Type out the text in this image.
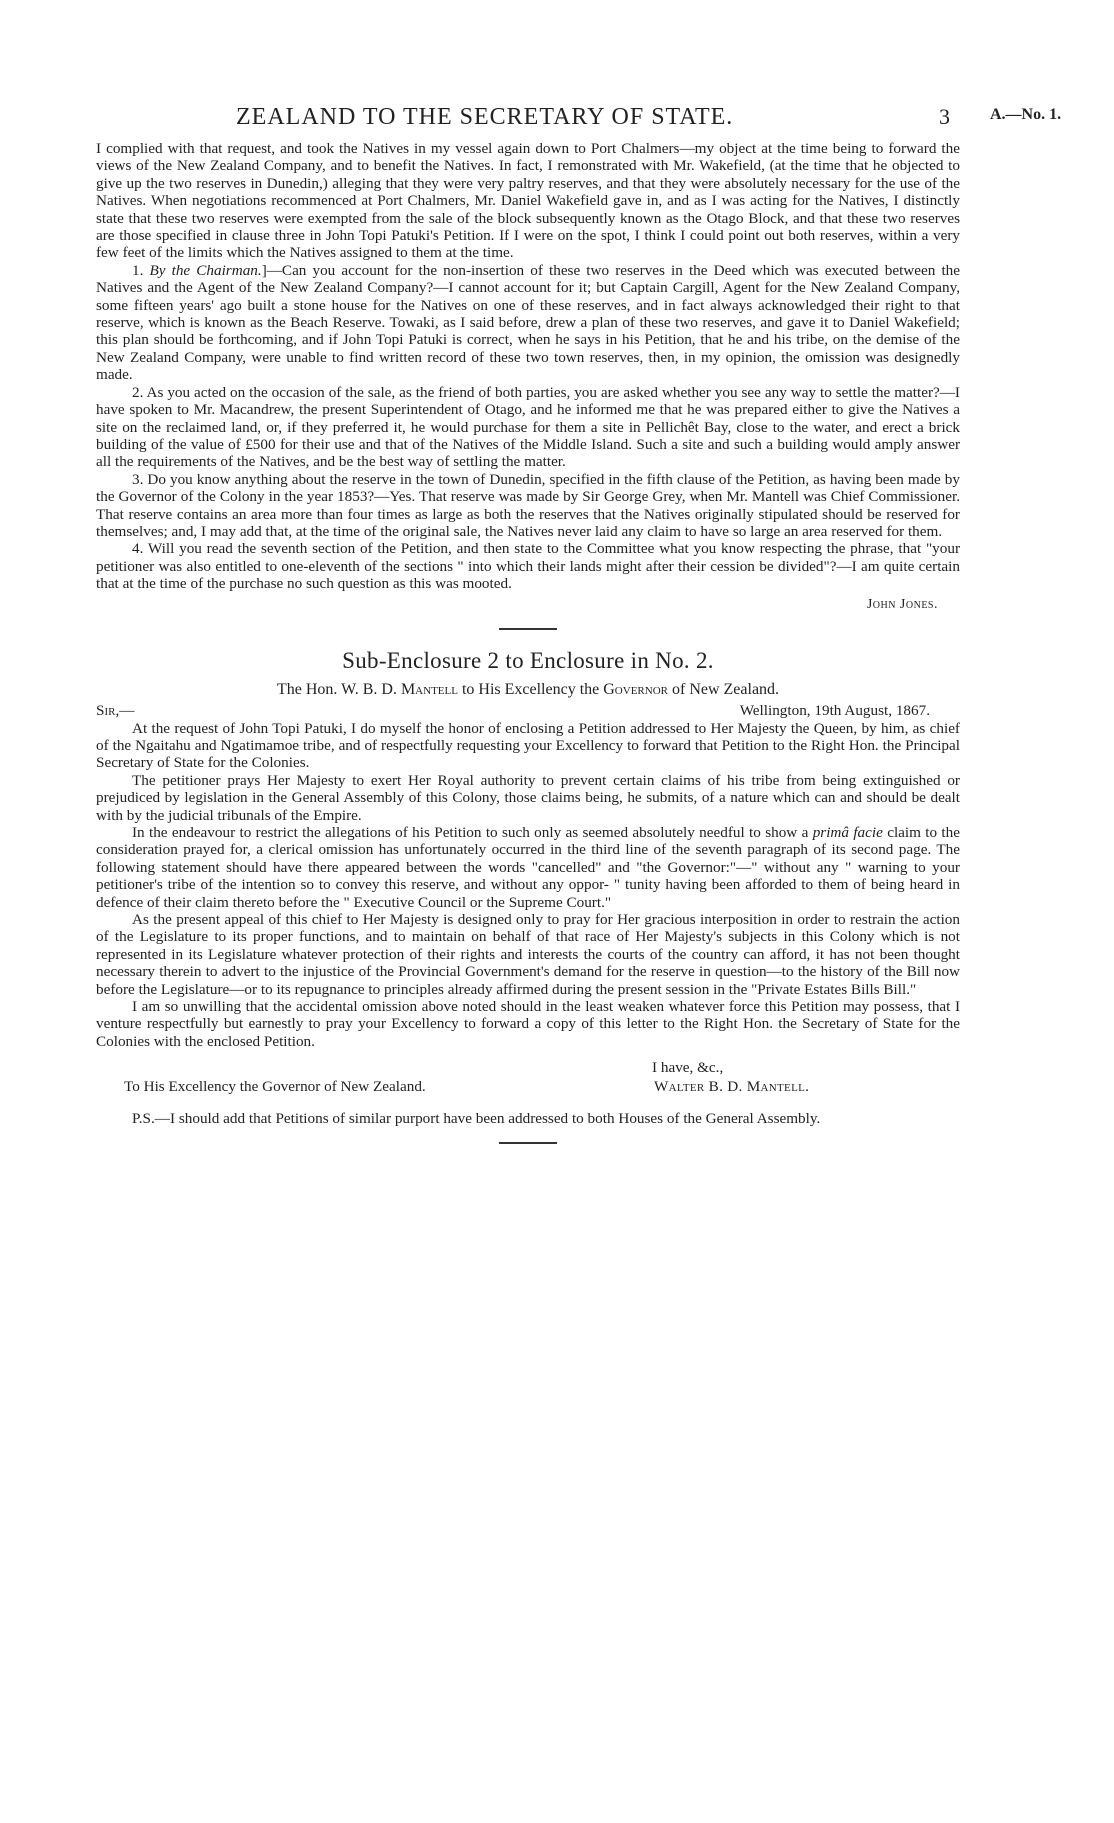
ZEALAND TO THE SECRETARY OF STATE.	3	A.—No. 1.

I complied with that request, and took the Natives in my vessel again down to Port Chalmers—my object at the time being to forward the views of the New Zealand Company, and to benefit the Natives. In fact, I remonstrated with Mr. Wakefield, (at the time that he objected to give up the two reserves in Dunedin,) alleging that they were very paltry reserves, and that they were absolutely necessary for the use of the Natives. When negotiations recommenced at Port Chalmers, Mr. Daniel Wakefield gave in, and as I was acting for the Natives, I distinctly state that these two reserves were exempted from the sale of the block subsequently known as the Otago Block, and that these two reserves are those specified in clause three in John Topi Patuki's Petition. If I were on the spot, I think I could point out both reserves, within a very few feet of the limits which the Natives assigned to them at the time.

1. By the Chairman.]—Can you account for the non-insertion of these two reserves in the Deed which was executed between the Natives and the Agent of the New Zealand Company?—I cannot account for it; but Captain Cargill, Agent for the New Zealand Company, some fifteen years' ago built a stone house for the Natives on one of these reserves, and in fact always acknowledged their right to that reserve, which is known as the Beach Reserve. Towaki, as I said before, drew a plan of these two reserves, and gave it to Daniel Wakefield; this plan should be forthcoming, and if John Topi Patuki is correct, when he says in his Petition, that he and his tribe, on the demise of the New Zealand Company, were unable to find written record of these two town reserves, then, in my opinion, the omission was designedly made.

2. As you acted on the occasion of the sale, as the friend of both parties, you are asked whether you see any way to settle the matter?—I have spoken to Mr. Macandrew, the present Superintendent of Otago, and he informed me that he was prepared either to give the Natives a site on the reclaimed land, or, if they preferred it, he would purchase for them a site in Pellichêt Bay, close to the water, and erect a brick building of the value of £500 for their use and that of the Natives of the Middle Island. Such a site and such a building would amply answer all the requirements of the Natives, and be the best way of settling the matter.

3. Do you know anything about the reserve in the town of Dunedin, specified in the fifth clause of the Petition, as having been made by the Governor of the Colony in the year 1853?—Yes. That reserve was made by Sir George Grey, when Mr. Mantell was Chief Commissioner. That reserve contains an area more than four times as large as both the reserves that the Natives originally stipulated should be reserved for themselves; and, I may add that, at the time of the original sale, the Natives never laid any claim to have so large an area reserved for them.

4. Will you read the seventh section of the Petition, and then state to the Committee what you know respecting the phrase, that "your petitioner was also entitled to one-eleventh of the sections " into which their lands might after their cession be divided"?—I am quite certain that at the time of the purchase no such question as this was mooted.

John Jones.
Sub-Enclosure 2 to Enclosure in No. 2.
The Hon. W. B. D. Mantell to His Excellency the Governor of New Zealand.
Sir,—	Wellington, 19th August, 1867.

At the request of John Topi Patuki, I do myself the honor of enclosing a Petition addressed to Her Majesty the Queen, by him, as chief of the Ngaitahu and Ngatimamoe tribe, and of respectfully requesting your Excellency to forward that Petition to the Right Hon. the Principal Secretary of State for the Colonies.

The petitioner prays Her Majesty to exert Her Royal authority to prevent certain claims of his tribe from being extinguished or prejudiced by legislation in the General Assembly of this Colony, those claims being, he submits, of a nature which can and should be dealt with by the judicial tribunals of the Empire.

In the endeavour to restrict the allegations of his Petition to such only as seemed absolutely needful to show a primâ facie claim to the consideration prayed for, a clerical omission has unfortunately occurred in the third line of the seventh paragraph of its second page. The following statement should have there appeared between the words "cancelled" and "the Governor:"—" without any " warning to your petitioner's tribe of the intention so to convey this reserve, and without any oppor- " tunity having been afforded to them of being heard in defence of their claim thereto before the " Executive Council or the Supreme Court."

As the present appeal of this chief to Her Majesty is designed only to pray for Her gracious interposition in order to restrain the action of the Legislature to its proper functions, and to maintain on behalf of that race of Her Majesty's subjects in this Colony which is not represented in its Legislature whatever protection of their rights and interests the courts of the country can afford, it has not been thought necessary therein to advert to the injustice of the Provincial Government's demand for the reserve in question—to the history of the Bill now before the Legislature—or to its repugnance to principles already affirmed during the present session in the "Private Estates Bills Bill."

I am so unwilling that the accidental omission above noted should in the least weaken whatever force this Petition may possess, that I venture respectfully but earnestly to pray your Excellency to forward a copy of this letter to the Right Hon. the Secretary of State for the Colonies with the enclosed Petition.

I have, &c.,
To His Excellency the Governor of New Zealand.	Walter B. D. Mantell.

P.S.—I should add that Petitions of similar purport have been addressed to both Houses of the General Assembly.
